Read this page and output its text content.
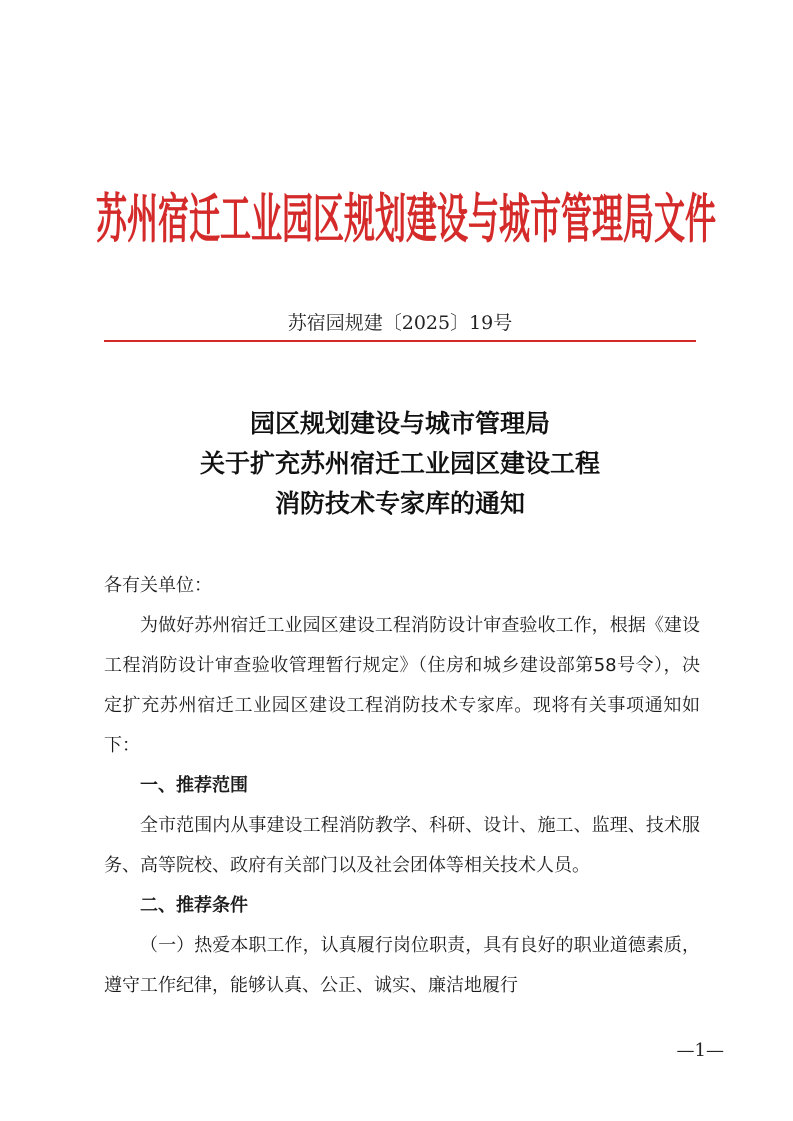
苏州宿迁工业园区规划建设与城市管理局文件
苏宿园规建〔2025〕19号
园区规划建设与城市管理局
关于扩充苏州宿迁工业园区建设工程
消防技术专家库的通知

各有关单位：

为做好苏州宿迁工业园区建设工程消防设计审查验收工作，根据《建设工程消防设计审查验收管理暂行规定》（住房和城乡建设部第58号令），决定扩充苏州宿迁工业园区建设工程消防技术专家库。现将有关事项通知如下：

一、推荐范围

全市范围内从事建设工程消防教学、科研、设计、施工、监理、技术服务、高等院校、政府有关部门以及社会团体等相关技术人员。

二、推荐条件

（一）热爱本职工作，认真履行岗位职责，具有良好的职业道德素质，遵守工作纪律，能够认真、公正、诚实、廉洁地履行

—1—
